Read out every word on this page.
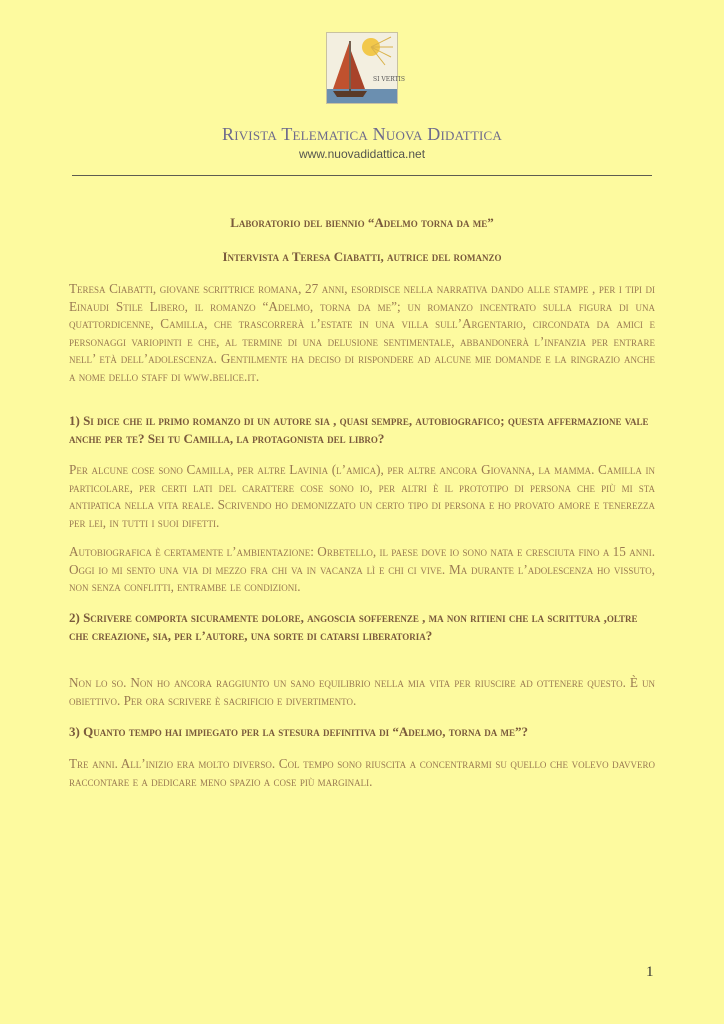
SI VERTIS
Rivista Telematica Nuova Didattica
www.nuovadidattica.net
Laboratorio del biennio “Adelmo torna da me”
Intervista a Teresa Ciabatti, autrice del romanzo

Teresa Ciabatti, giovane scrittrice romana, 27 anni, esordisce nella narrativa dando alle stampe , per i tipi di Einaudi Stile Libero, il romanzo “Adelmo, torna da me”; un romanzo incentrato sulla figura di una quattordicenne, Camilla, che trascorrerà l’estate in una villa sull’Argentario, circondata da amici e personaggi variopinti e che, al termine di una delusione sentimentale, abbandonerà l’infanzia per entrare nell’ età dell’adolescenza. Gentilmente ha deciso di rispondere ad alcune mie domande e la ringrazio anche a nome dello staff di www.belice.it.

1) Si dice che il primo romanzo di un autore sia , quasi sempre, autobiografico; questa affermazione vale anche per te? Sei tu Camilla, la protagonista del libro?

Per alcune cose sono Camilla, per altre Lavinia (l’amica), per altre ancora Giovanna, la mamma. Camilla in particolare, per certi lati del carattere cose sono io, per altri è il prototipo di persona che più mi sta antipatica nella vita reale. Scrivendo ho demonizzato un certo tipo di persona e ho provato amore e tenerezza per lei, in tutti i suoi difetti.

Autobiografica è certamente l’ambientazione: Orbetello, il paese dove io sono nata e cresciuta fino a 15 anni. Oggi io mi sento una via di mezzo fra chi va in vacanza lì e chi ci vive. Ma durante l’adolescenza ho vissuto, non senza conflitti, entrambe le condizioni.

2) Scrivere comporta sicuramente dolore, angoscia sofferenze , ma non ritieni che la scrittura ,oltre che creazione, sia, per l’autore, una sorte di catarsi liberatoria?

Non lo so. Non ho ancora raggiunto un sano equilibrio nella mia vita per riuscire ad ottenere questo. È un obiettivo. Per ora scrivere è sacrificio e divertimento.

3) Quanto tempo hai impiegato per la stesura definitiva di “Adelmo, torna da me”?

Tre anni. All’inizio era molto diverso. Col tempo sono riuscita a concentrarmi su quello che volevo davvero raccontare e a dedicare meno spazio a cose più marginali.

1
